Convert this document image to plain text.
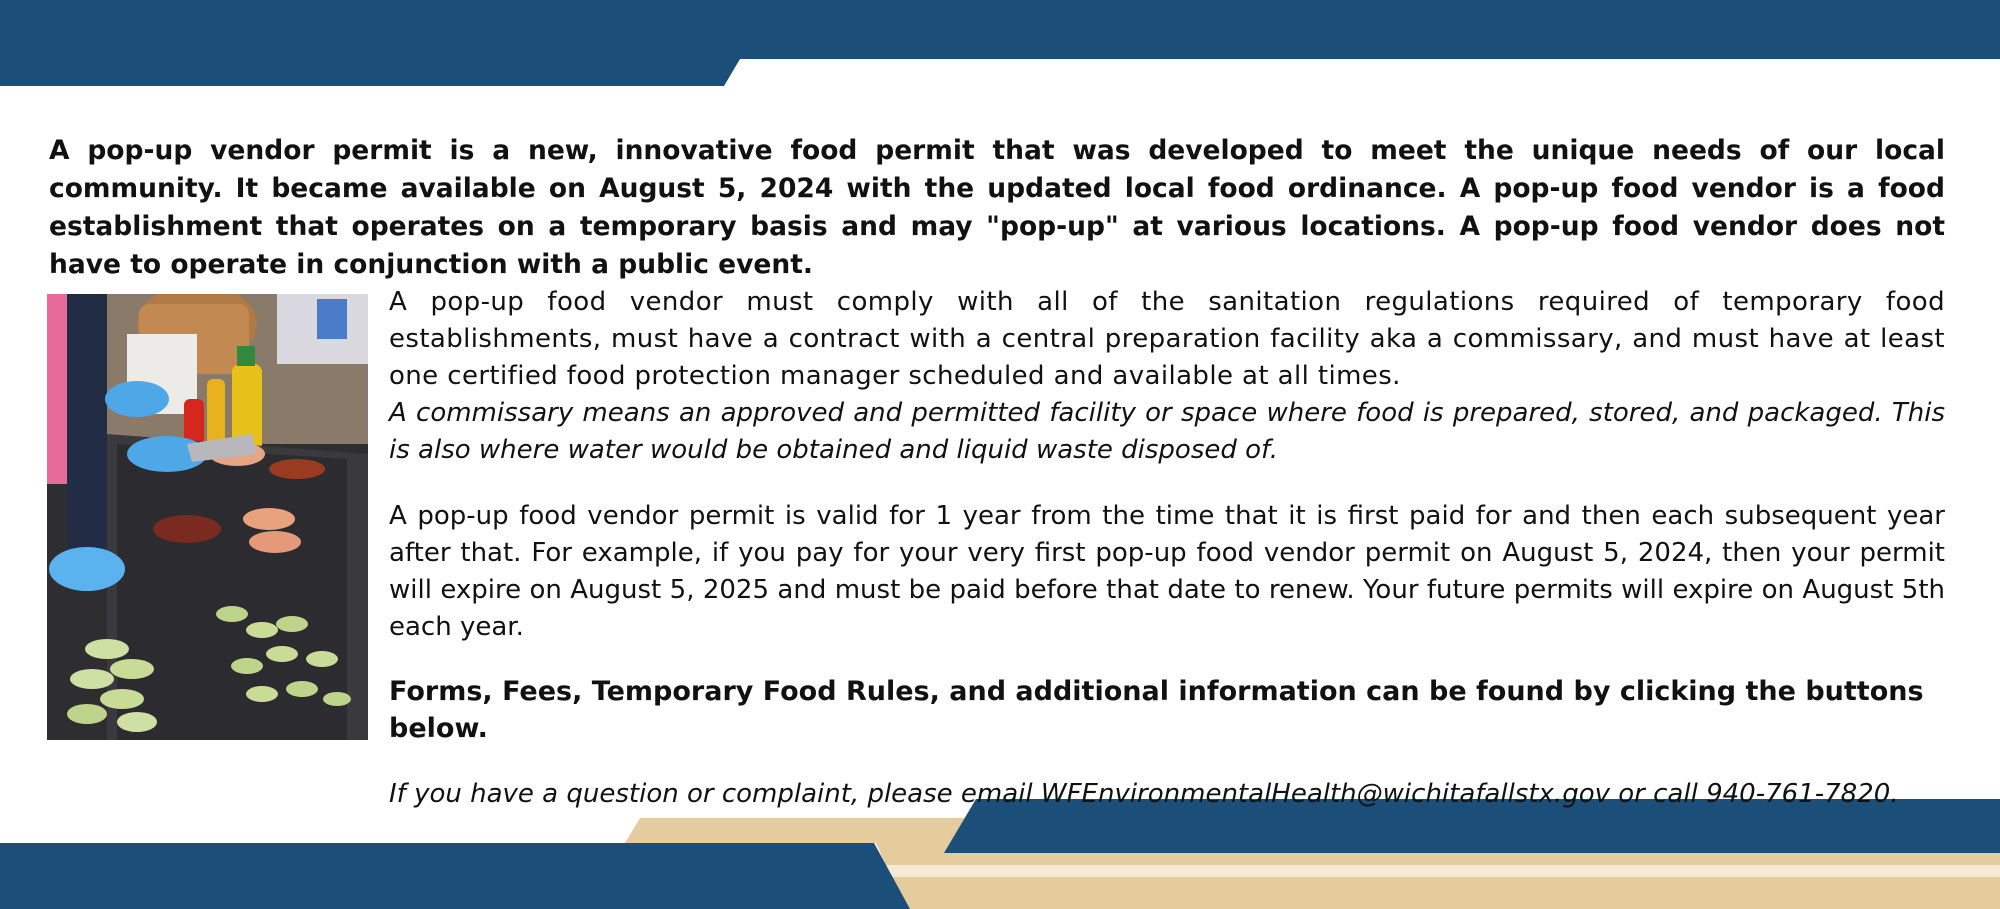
A pop-up vendor permit is a new, innovative food permit that was developed to meet the unique needs of our local community. It became available on August 5, 2024 with the updated local food ordinance. A pop-up food vendor is a food establishment that operates on a temporary basis and may "pop-up" at various locations. A pop-up food vendor does not have to operate in conjunction with a public event.

A pop-up food vendor must comply with all of the sanitation regulations required of temporary food establishments, must have a contract with a central preparation facility aka a commissary, and must have at least one certified food protection manager scheduled and available at all times.

A commissary means an approved and permitted facility or space where food is prepared, stored, and packaged. This is also where water would be obtained and liquid waste disposed of.

A pop-up food vendor permit is valid for 1 year from the time that it is first paid for and then each subsequent year after that. For example, if you pay for your very first pop-up food vendor permit on August 5, 2024, then your permit will expire on August 5, 2025 and must be paid before that date to renew. Your future permits will expire on August 5th each year.

Forms, Fees, Temporary Food Rules, and additional information can be found by clicking the buttons below.

If you have a question or complaint, please email WFEnvironmentalHealth@wichitafallstx.gov or call 940-761-7820.
